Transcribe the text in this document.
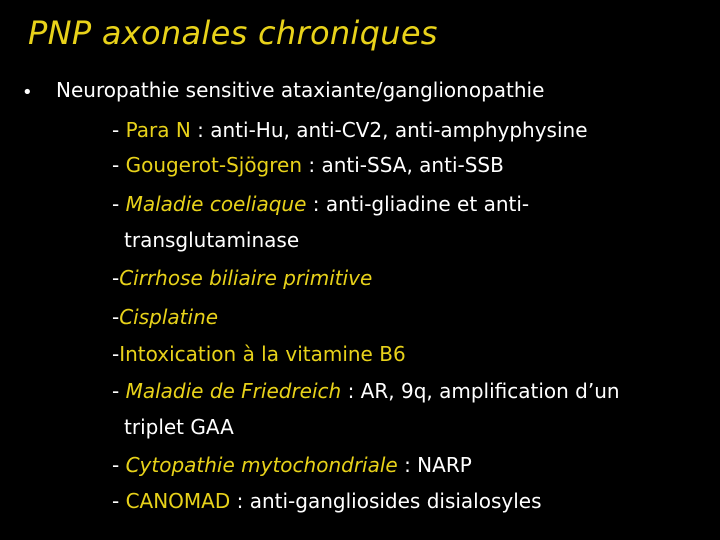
PNP axonales chroniques
• Neuropathie sensitive ataxiante/ganglionopathie
- Para N : anti-Hu, anti-CV2, anti-amphyphysine
- Gougerot-Sjögren : anti-SSA, anti-SSB
- Maladie coeliaque : anti-gliadine et anti-
transglutaminase
-Cirrhose biliaire primitive
-Cisplatine
-Intoxication à la vitamine B6
- Maladie de Friedreich : AR, 9q, amplification d’un
triplet GAA
- Cytopathie mytochondriale : NARP
- CANOMAD : anti-gangliosides disialosyles
